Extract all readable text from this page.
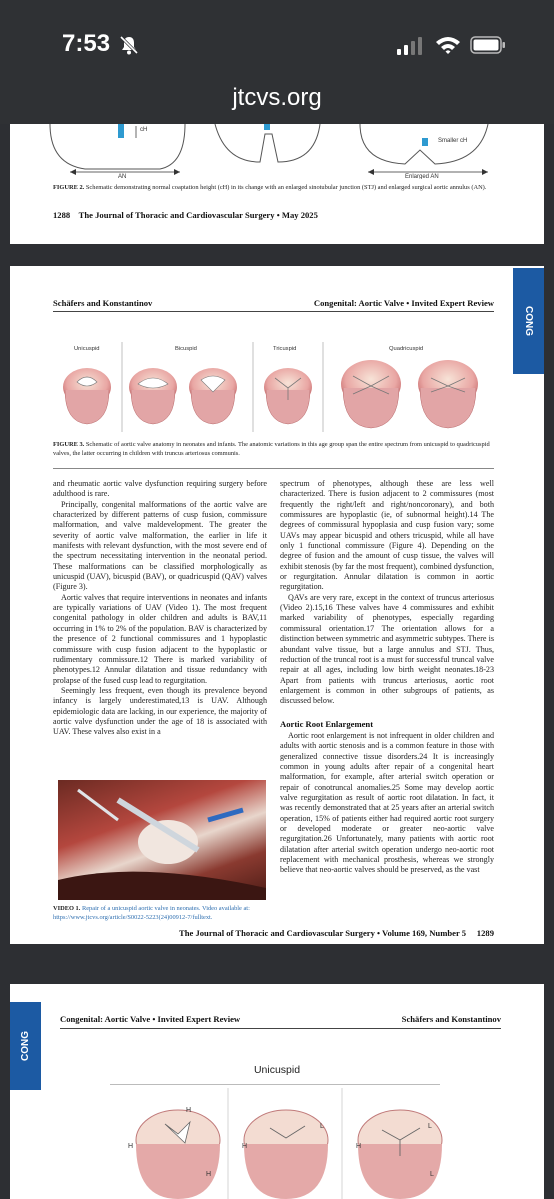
7:53
jtcvs.org
cH
AN
Smaller cH
Enlarged AN
FIGURE 2. Schematic demonstrating normal coaptation height (cH) in its change with an enlarged sinotubular junction (STJ) and enlarged surgical aortic annulus (AN).
1288    The Journal of Thoracic and Cardiovascular Surgery • May 2025
Schäfers and Konstantinov	Congenital: Aortic Valve • Invited Expert Review
CONG
Unicuspid	Bicuspid	Tricuspid	Quadricuspid
FIGURE 3. Schematic of aortic valve anatomy in neonates and infants. The anatomic variations in this age group span the entire spectrum from unicuspid to quadricuspid valves, the latter occurring in children with truncus arteriosus communis.

and rheumatic aortic valve dysfunction requiring surgery before adulthood is rare.

Principally, congenital malformations of the aortic valve are characterized by different patterns of cusp fusion, commissure malformation, and valve maldevelopment. The greater the severity of aortic valve malformation, the earlier in life it manifests with relevant dysfunction, with the most severe end of the spectrum necessitating intervention in the neonatal period. These malformations can be classified morphologically as unicuspid (UAV), bicuspid (BAV), or quadricuspid (QAV) valves (Figure 3).

Aortic valves that require interventions in neonates and infants are typically variations of UAV (Video 1). The most frequent congenital pathology in older children and adults is BAV,11 occurring in 1% to 2% of the population. BAV is characterized by the presence of 2 functional commissures and 1 hypoplastic commissure with cusp fusion adjacent to the hypoplastic or rudimentary commissure.12 There is marked variability of phenotypes.12 Annular dilatation and tissue redundancy with prolapse of the fused cusp lead to regurgitation.

Seemingly less frequent, even though its prevalence beyond infancy is largely underestimated,13 is UAV. Although epidemiologic data are lacking, in our experience, the majority of aortic valve dysfunction under the age of 18 is associated with UAV. These valves also exist in a

VIDEO 1. Repair of a unicuspid aortic valve in neonates. Video available at: https://www.jtcvs.org/article/S0022-5223(24)00912-7/fulltext.

spectrum of phenotypes, although these are less well characterized. There is fusion adjacent to 2 commissures (most frequently the right/left and right/noncoronary), and both commissures are hypoplastic (ie, of subnormal height).14 The degrees of commissural hypoplasia and cusp fusion vary; some UAVs may appear bicuspid and others tricuspid, while all have only 1 functional commissure (Figure 4). Depending on the degree of fusion and the amount of cusp tissue, the valves will exhibit stenosis (by far the most frequent), combined dysfunction, or regurgitation. Annular dilatation is common in aortic regurgitation.

QAVs are very rare, except in the context of truncus arteriosus (Video 2).15,16 These valves have 4 commissures and exhibit marked variability of phenotypes, especially regarding commissural orientation.17 The orientation allows for a distinction between symmetric and asymmetric subtypes. There is abundant valve tissue, but a large annulus and STJ. Thus, reduction of the truncal root is a must for successful truncal valve repair at all ages, including low birth weight neonates.18-23 Apart from patients with truncus arteriosus, aortic root enlargement is common in other subgroups of patients, as discussed below.

Aortic Root Enlargement

Aortic root enlargement is not infrequent in older children and adults with aortic stenosis and is a common feature in those with generalized connective tissue disorders.24 It is increasingly common in young adults after repair of a congenital heart malformation, for example, after arterial switch operation or repair of conotruncal anomalies.25 Some may develop aortic valve regurgitation as result of aortic root dilatation. In fact, it was recently demonstrated that at 25 years after an arterial switch operation, 15% of patients either had required aortic root surgery or developed moderate or greater neo-aortic valve regurgitation.26 Unfortunately, many patients with aortic root dilatation after arterial switch operation undergo neo-aortic root replacement with mechanical prosthesis, whereas we strongly believe that neo-aortic valves should be preserved, as the vast

The Journal of Thoracic and Cardiovascular Surgery • Volume 169, Number 5     1289
CONG
Congenital: Aortic Valve • Invited Expert Review	Schäfers and Konstantinov
Unicuspid
H
H
H
H
L
H
L
L
